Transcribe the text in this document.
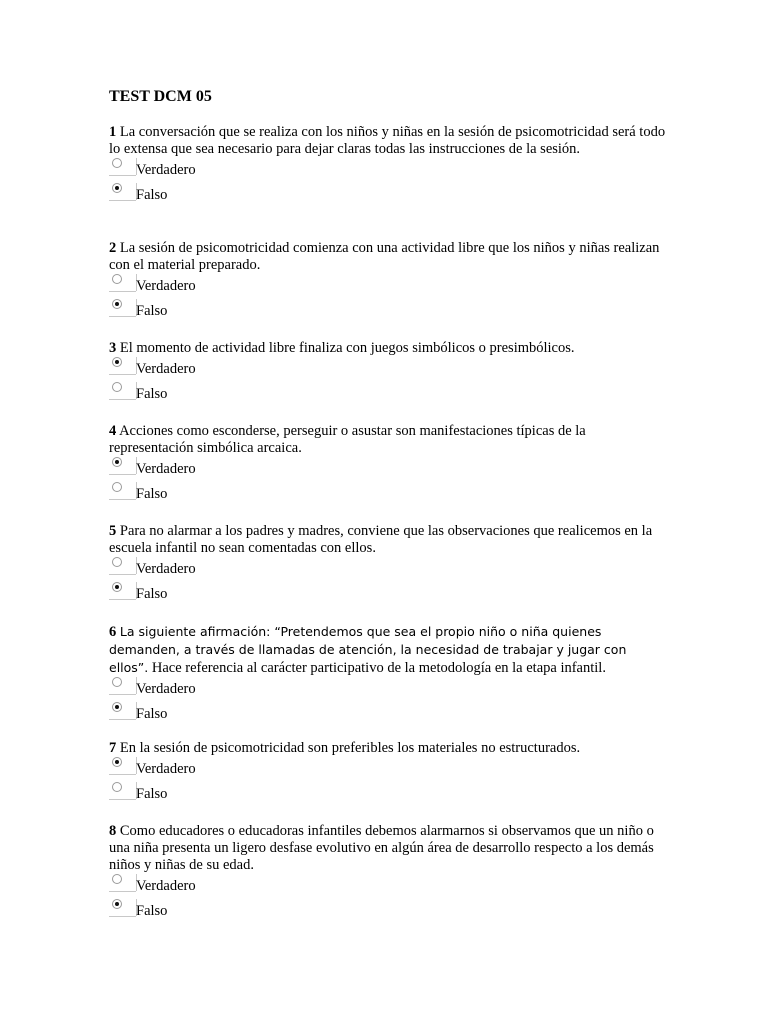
TEST DCM 05

1 La conversación que se realiza con los niños y niñas en la sesión de psicomotricidad será todo lo extensa que sea necesario para dejar claras todas las instrucciones de la sesión.

Verdadero
Falso

2 La sesión de psicomotricidad comienza con una actividad libre que los niños y niñas realizan con el material preparado.

Verdadero
Falso

3 El momento de actividad libre finaliza con juegos simbólicos o presimbólicos.

Verdadero
Falso

4 Acciones como esconderse, perseguir o asustar son manifestaciones típicas de la representación simbólica arcaica.

Verdadero
Falso

5 Para no alarmar a los padres y madres, conviene que las observaciones que realicemos en la escuela infantil no sean comentadas con ellos.

Verdadero
Falso

6 La siguiente afirmación: “Pretendemos que sea el propio niño o niña quienes demanden, a través de llamadas de atención, la necesidad de trabajar y jugar con ellos”. Hace referencia al carácter participativo de la metodología en la etapa infantil.

Verdadero
Falso

7 En la sesión de psicomotricidad son preferibles los materiales no estructurados.

Verdadero
Falso

8 Como educadores o educadoras infantiles debemos alarmarnos si observamos que un niño o una niña presenta un ligero desfase evolutivo en algún área de desarrollo respecto a los demás niños y niñas de su edad.

Verdadero
Falso
